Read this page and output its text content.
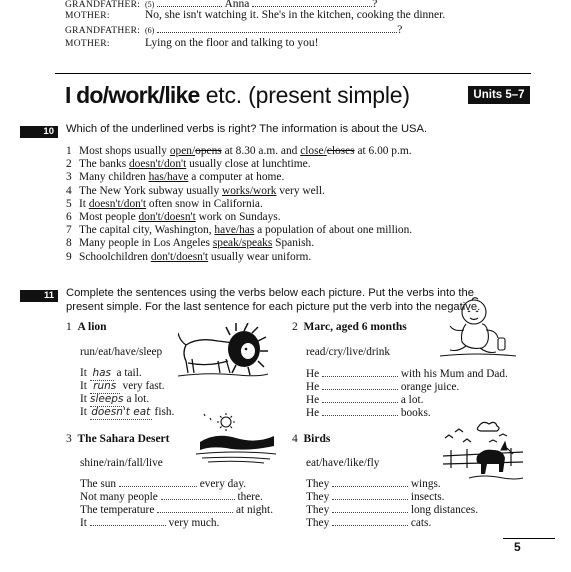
GRANDFATHER: (5)	Anna	?
MOTHER:	No, she isn't watching it. She's in the kitchen, cooking the dinner.
GRANDFATHER: (6)	?
MOTHER:	Lying on the floor and talking to you!
I do/work/like etc. (present simple)	Units 5–7
10	Which of the underlined verbs is right? The information is about the USA.
1 Most shops usually open/opens at 8.30 a.m. and close/closes at 6.00 p.m.
2 The banks doesn't/don't usually close at lunchtime.
3 Many children has/have a computer at home.
4 The New York subway usually works/work very well.
5 It doesn't/don't often snow in California.
6 Most people don't/doesn't work on Sundays.
7 The capital city, Washington, have/has a population of about one million.
8 Many people in Los Angeles speak/speaks Spanish.
9 Schoolchildren don't/doesn't usually wear uniform.
11	Complete the sentences using the verbs below each picture. Put the verbs into the
present simple. For the last sentence for each picture put the verb into the negative.
1 A lion
run/eat/have/sleep
It has a tail.
It runs very fast.
It sleeps a lot.
It doesn't eat fish.
2 Marc, aged 6 months
read/cry/live/drink
He	with his Mum and Dad.
He	orange juice.
He	a lot.
He	books.
3 The Sahara Desert
shine/rain/fall/live
The sun	every day.
Not many people	there.
The temperature	at night.
It	very much.
4 Birds
eat/have/like/fly
They	wings.
They	insects.
They	long distances.
They	cats.
5
